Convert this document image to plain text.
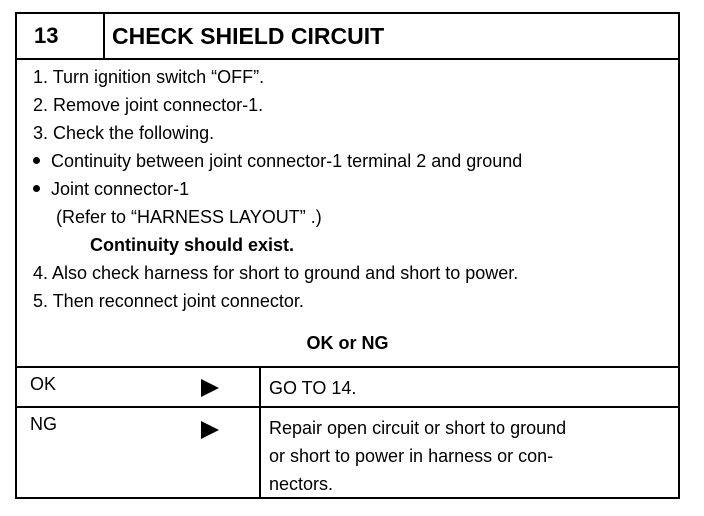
13	CHECK SHIELD CIRCUIT
1. Turn ignition switch “OFF”.
2. Remove joint connector-1.
3. Check the following.
Continuity between joint connector-1 terminal 2 and ground
Joint connector-1
(Refer to “HARNESS LAYOUT” .)
Continuity should exist.
4. Also check harness for short to ground and short to power.
5. Then reconnect joint connector.
OK or NG
OK	GO TO 14.
NG	Repair open circuit or short to ground
or short to power in harness or con-
nectors.
